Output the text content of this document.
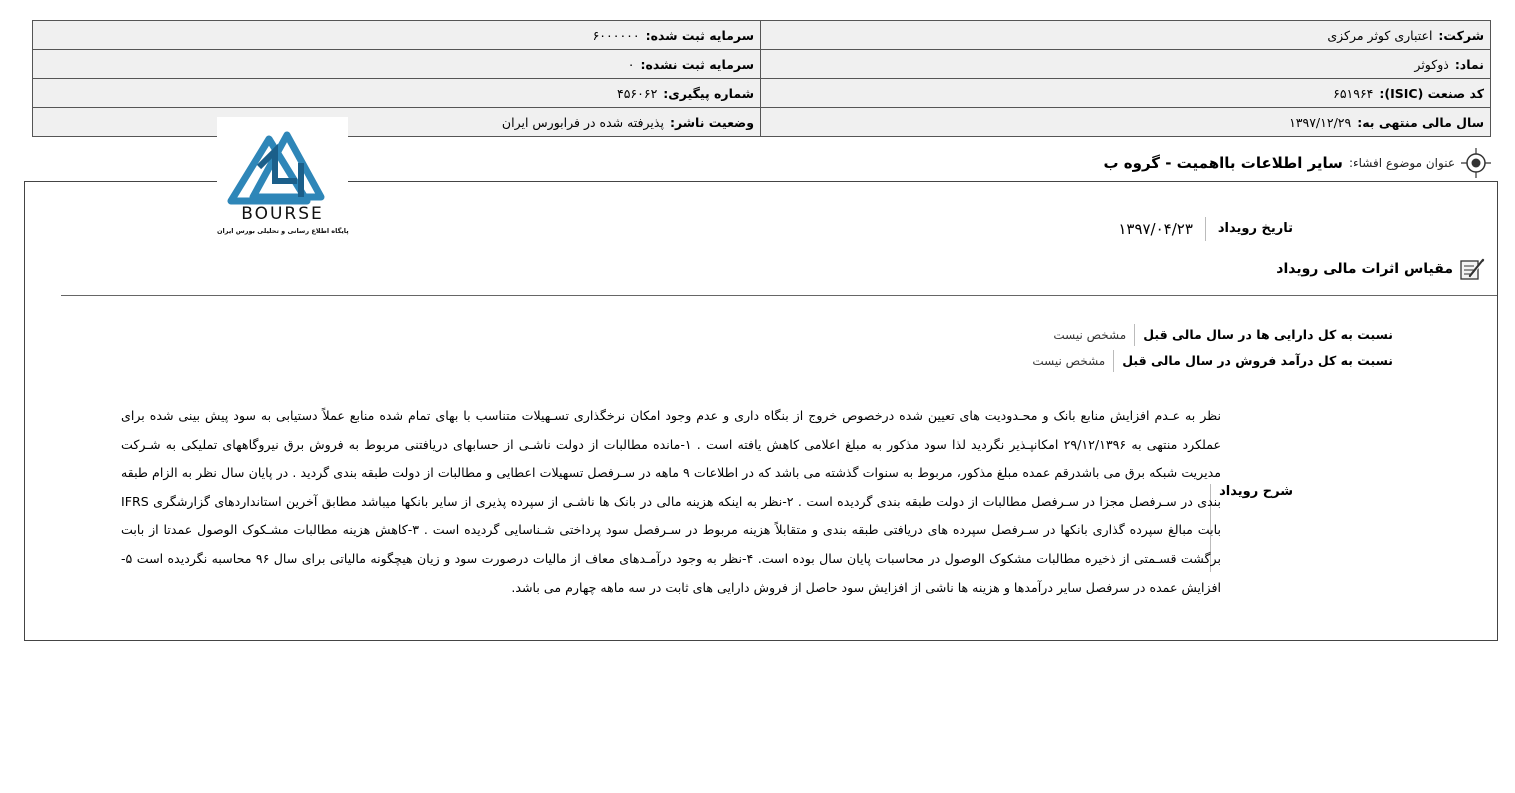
شرکت:اعتباری کوثر مرکزی	سرمایه ثبت شده:۶۰۰۰۰۰۰
نماد:ذوکوثر	سرمایه ثبت نشده:۰
کد صنعت (ISIC):۶۵۱۹۶۴	شماره پیگیری:۴۵۶۰۶۲
سال مالی منتهی به:۱۳۹۷/۱۲/۲۹	وضعیت ناشر:پذیرفته شده در فرابورس ایران
عنوان موضوع افشاء:
سایر اطلاعات بااهمیت - گروه ب
تاریخ رویداد
۱۳۹۷/۰۴/۲۳
مقیاس اثرات مالی رویداد
نسبت به کل دارایی ها در سال مالی قبل
مشخص نیست
نسبت به کل درآمد فروش در سال مالی قبل
مشخص نیست
شرح رویداد
نظر به عـدم افزایش منابع بانک و محـدودیت های تعیین شده درخصوص خروج از بنگاه داری و عدم وجود امکان نرخگذاری تسـهیلات متناسب با بهای تمام شده منابع عملاً دستیابی به سود پیش بینی شده برای عملکرد منتهی به ۲۹/۱۲/۱۳۹۶ امکانپـذیر نگردید لذا سود مذکور به مبلغ اعلامی کاهش یافته است . ۱-مانده مطالبات از دولت ناشـی از حسابهای دریافتنی مربوط به فروش برق نیروگاههای تملیکی به شـرکت مدیریت شبکه برق می باشدرقم عمده مبلغ مذکور، مربوط به سنوات گذشته می باشد که در اطلاعات ۹ ماهه در سـرفصل تسهیلات اعطایی و مطالبات از دولت طبقه بندی گردید . در پایان سال نظر به الزام طبقه بندی در سـرفصل مجزا در سـرفصل مطالبات از دولت طبقه بندی گردیده است . ۲-نظر به اینکه هزینه مالی در بانک ها ناشـی از سپرده پذیری از سایر بانکها میباشد مطابق آخرین استانداردهای گزارشگری IFRS بابت مبالغ سپرده گذاری بانکها در سـرفصل سپرده های دریافتی طبقه بندی و متقابلاً هزینه مربوط در سـرفصل سود پرداختی شـناسایی گردیده است . ۳-کاهش هزینه مطالبات مشـکوک الوصول عمدتا از بابت برگشت قسـمتی از ذخیره مطالبات مشکوک الوصول در محاسبات پایان سال بوده است. ۴-نظر به وجود درآمـدهای معاف از مالیات درصورت سود و زیان هیچگونه مالیاتی برای سال ۹۶ محاسبه نگردیده است ۵-افزایش عمده در سرفصل سایر درآمدها و هزینه ها ناشی از افزایش سود حاصل از فروش دارایی های ثابت در سه ماهه چهارم می باشد.
BOURSE
پایگاه اطلاع رسانی و تحلیلی بورس ایران
